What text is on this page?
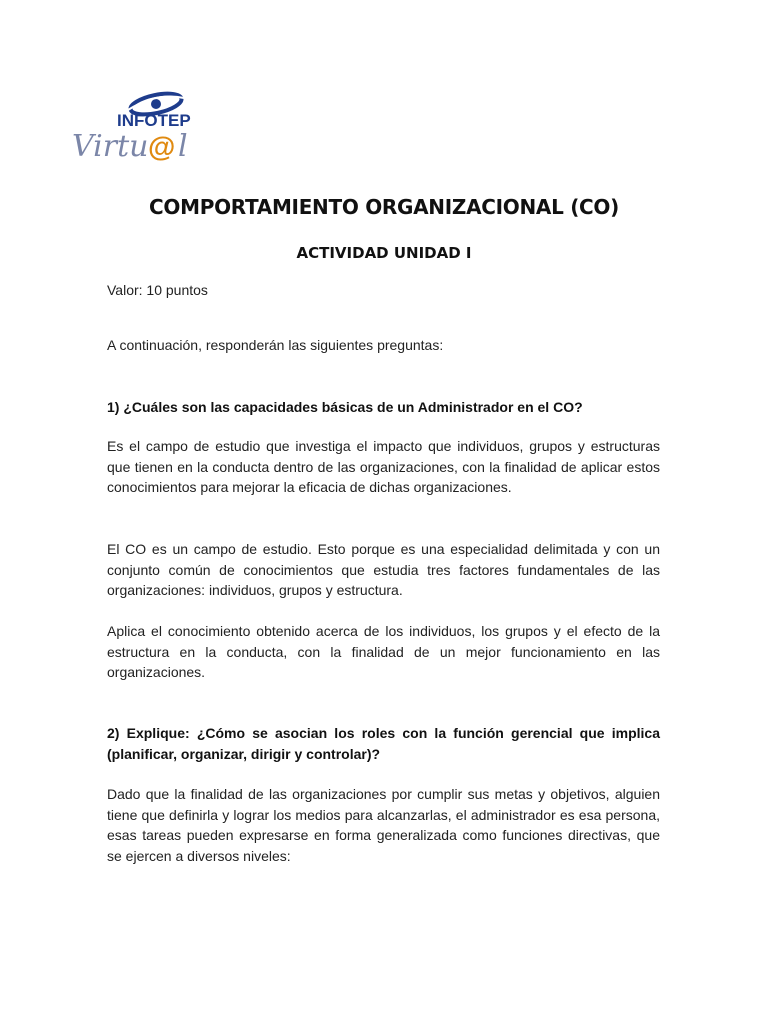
INFOTEP
Virtu @ l
COMPORTAMIENTO ORGANIZACIONAL (CO)
ACTIVIDAD UNIDAD I
Valor: 10 puntos
A continuación, responderán las siguientes preguntas:
1) ¿Cuáles son las capacidades básicas de un Administrador en el CO?
Es el campo de estudio que investiga el impacto que individuos, grupos y estructuras que tienen en la conducta dentro de las organizaciones, con la finalidad de aplicar estos conocimientos para mejorar la eficacia de dichas organizaciones.
El CO es un campo de estudio. Esto porque es una especialidad delimitada y con un conjunto común de conocimientos que estudia tres factores fundamentales de las organizaciones: individuos, grupos y estructura.
Aplica el conocimiento obtenido acerca de los individuos, los grupos y el efecto de la estructura en la conducta, con la finalidad de un mejor funcionamiento en las organizaciones.
2) Explique: ¿Cómo se asocian los roles con la función gerencial que implica (planificar, organizar, dirigir y controlar)?
Dado que la finalidad de las organizaciones por cumplir sus metas y objetivos, alguien tiene que definirla y lograr los medios para alcanzarlas, el administrador es esa persona, esas tareas pueden expresarse en forma generalizada como funciones directivas, que se ejercen a diversos niveles:
